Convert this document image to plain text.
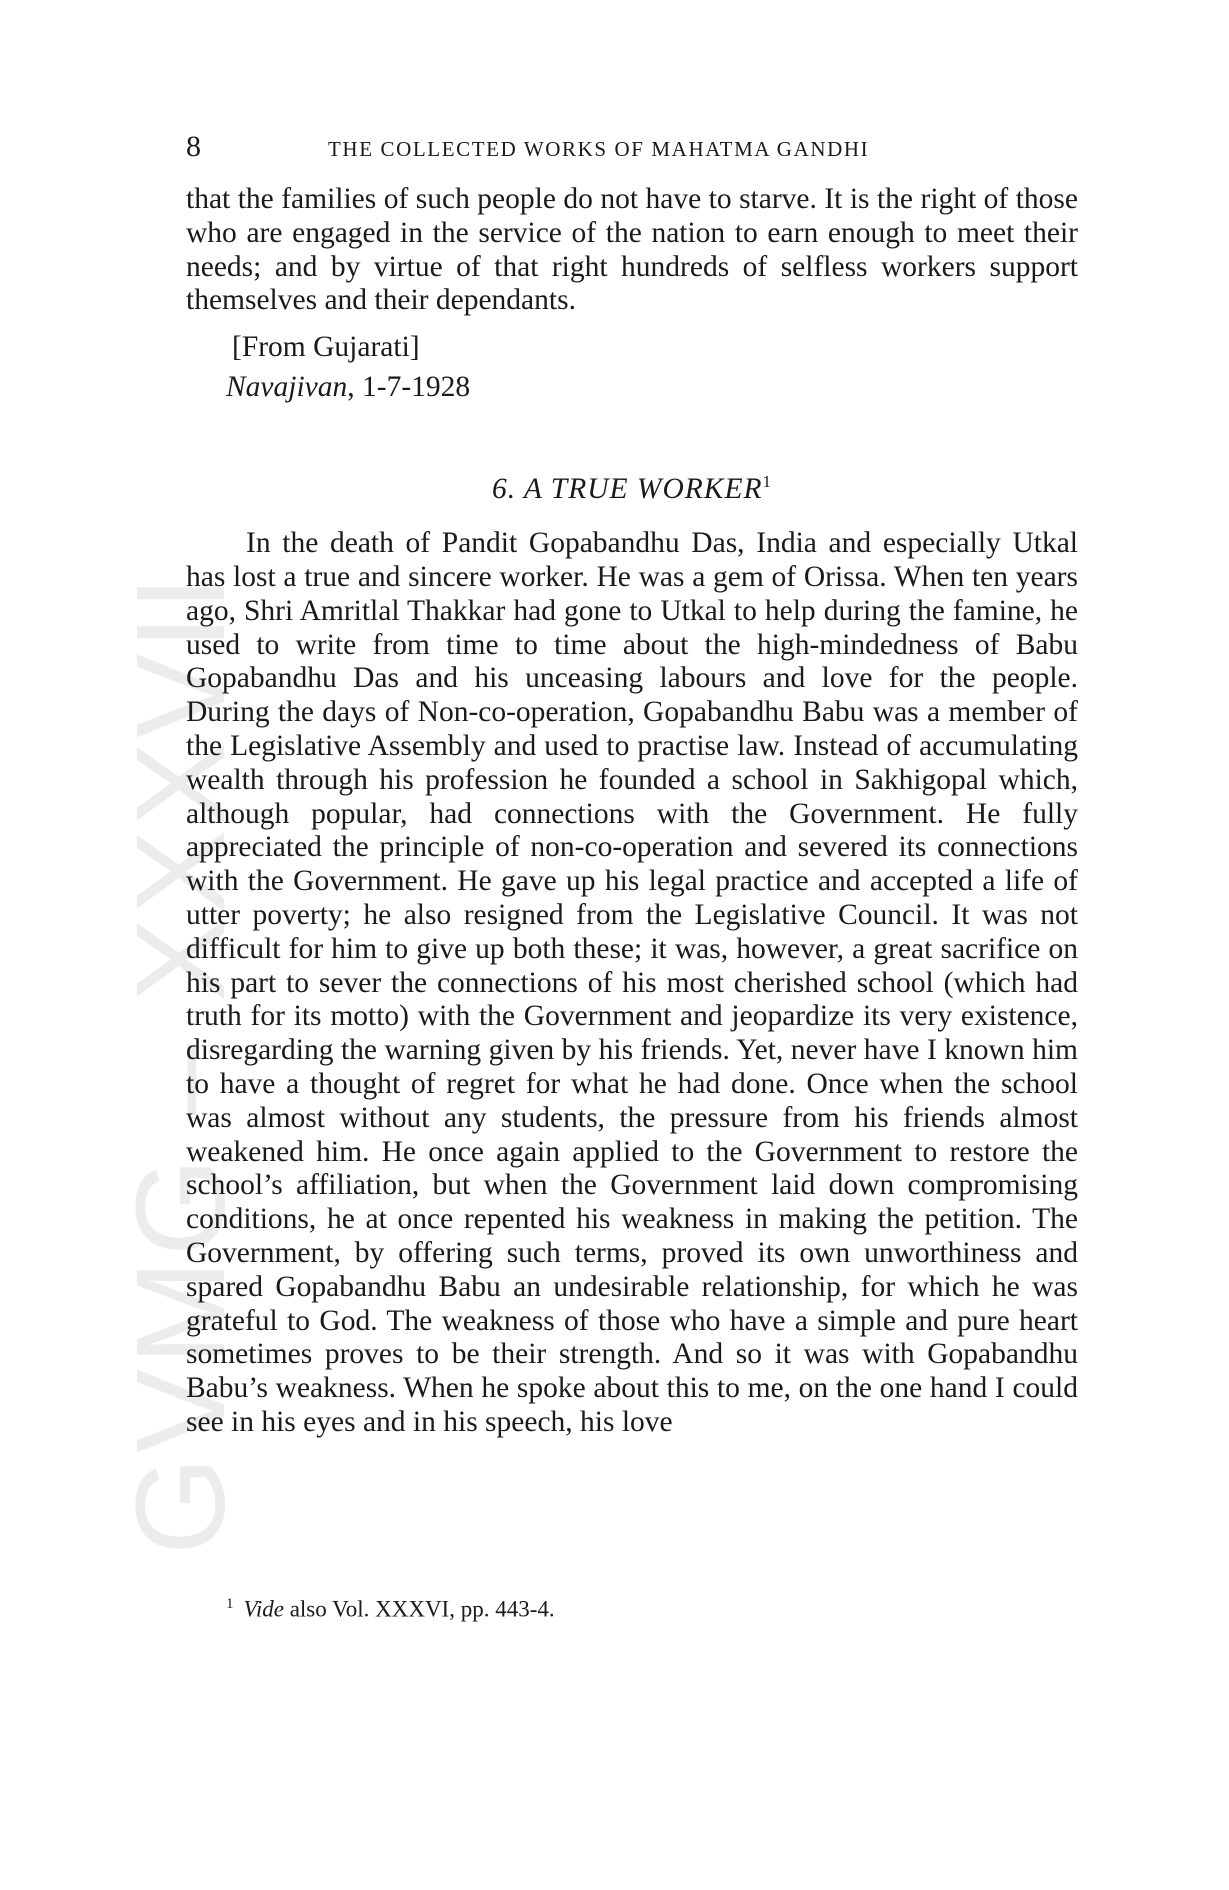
GVMG – XXXVII
8	THE COLLECTED WORKS OF MAHATMA GANDHI

that the families of such people do not have to starve. It is the right of those who are engaged in the service of the nation to earn enough to meet their needs; and by virtue of that right hundreds of selfless workers support themselves and their dependants.

[From Gujarati]
Navajivan, 1-7-1928
6. A TRUE WORKER$^1$

In the death of Pandit Gopabandhu Das, India and especially Utkal has lost a true and sincere worker. He was a gem of Orissa. When ten years ago, Shri Amritlal Thakkar had gone to Utkal to help during the famine, he used to write from time to time about the high-mindedness of Babu Gopabandhu Das and his unceasing labours and love for the people. During the days of Non-co-operation, Gopabandhu Babu was a member of the Legislative Assembly and used to practise law. Instead of accumulating wealth through his profession he founded a school in Sakhigopal which, although popular, had connections with the Government. He fully appreciated the principle of non-co-operation and severed its connections with the Government. He gave up his legal practice and accepted a life of utter poverty; he also resigned from the Legislative Council. It was not difficult for him to give up both these; it was, however, a great sacrifice on his part to sever the connections of his most cherished school (which had truth for its motto) with the Government and jeopardize its very existence, disregarding the warning given by his friends. Yet, never have I known him to have a thought of regret for what he had done. Once when the school was almost without any students, the pressure from his friends almost weakened him. He once again applied to the Government to restore the school’s affiliation, but when the Government laid down compromising conditions, he at once repented his weakness in making the petition. The Government, by offering such terms, proved its own unworthiness and spared Gopabandhu Babu an undesirable relationship, for which he was grateful to God. The weakness of those who have a simple and pure heart sometimes proves to be their strength. And so it was with Gopabandhu Babu’s weakness. When he spoke about this to me, on the one hand I could see in his eyes and in his speech, his love

$^1$ Vide also Vol. XXXVI, pp. 443-4.
